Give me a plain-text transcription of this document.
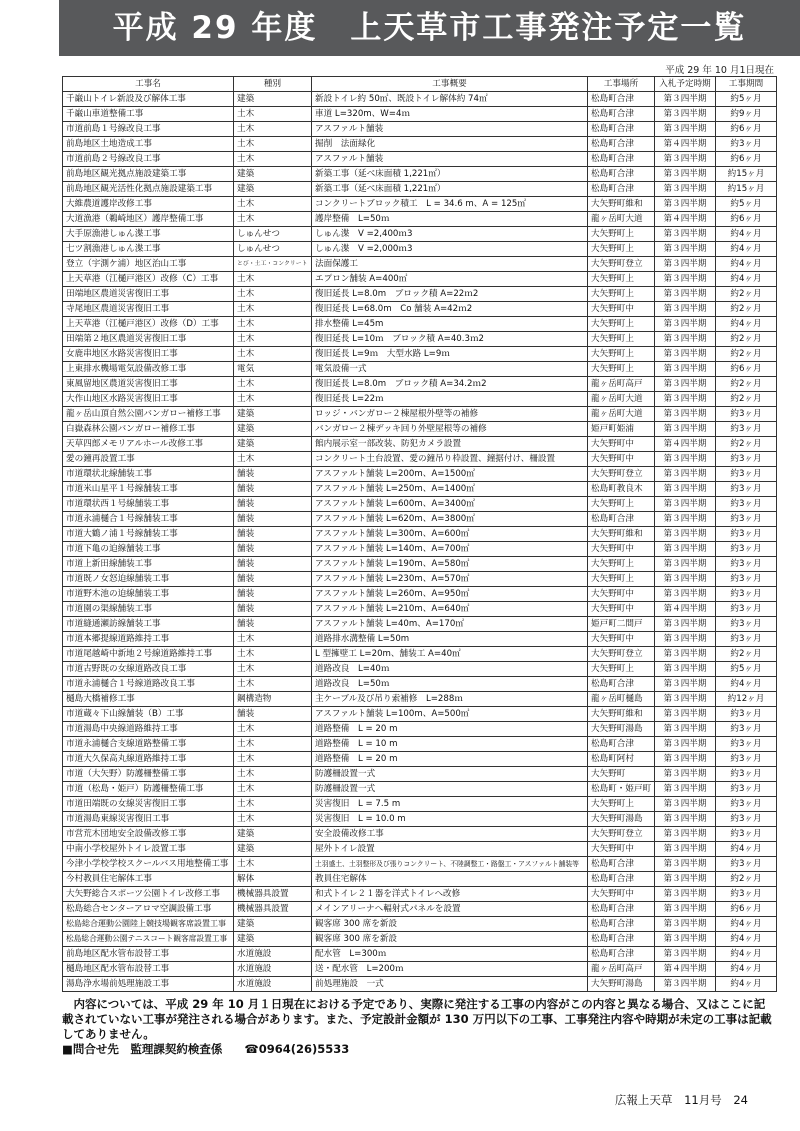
平成 29 年度　上天草市工事発注予定一覧
平成 29 年 10 月1日現在
工事名	種別	工事概要	工事場所	入札予定時期	工事期間
千巌山トイレ新設及び解体工事	建築	新設トイレ約 50㎡、既設トイレ解体約 74㎡	松島町合津	第３四半期	約5ヶ月
千巌山車道整備工事	土木	車道 L=320m、W=4ｍ	松島町合津	第３四半期	約9ヶ月
市道前島１号線改良工事	土木	アスファルト舗装	松島町合津	第３四半期	約6ヶ月
前島地区土地造成工事	土木	掘削　法面緑化	松島町合津	第４四半期	約3ヶ月
市道前島２号線改良工事	土木	アスファルト舗装	松島町合津	第３四半期	約6ヶ月
前島地区観光拠点施設建築工事	建築	新築工事（延べ床面積 1,221㎡）	松島町合津	第３四半期	約15ヶ月
前島地区観光活性化拠点施設建築工事	建築	新築工事（延べ床面積 1,221㎡）	松島町合津	第３四半期	約15ヶ月
大維農道護岸改修工事	土木	コンクリートブロック積工　L = 34.6 m、A = 125㎡	大矢野町維和	第３四半期	約5ヶ月
大道漁港（鵜崎地区）護岸整備工事	土木	護岸整備　L=50ｍ	龍ヶ岳町大道	第４四半期	約6ヶ月
大手原漁港しゅん渫工事	しゅんせつ	しゅん渫　V =2,400ｍ3	大矢野町上	第３四半期	約4ヶ月
七ツ割漁港しゅん渫工事	しゅんせつ	しゅん渫　V =2,000ｍ3	大矢野町上	第３四半期	約4ヶ月
登立（宇測ケ浦）地区治山工事	とび・土工・コンクリート	法面保護工	大矢野町登立	第３四半期	約4ヶ月
上天草港（江樋戸港区）改修（C）工事	土木	エプロン舗装 A=400㎡	大矢野町上	第３四半期	約4ヶ月
田端地区農道災害復旧工事	土木	復旧延長 L=8.0m　ブロック積 A=22ｍ2	大矢野町上	第３四半期	約2ヶ月
寺尾地区農道災害復旧工事	土木	復旧延長 L=68.0m　Co 舗装 A=42ｍ2	大矢野町中	第３四半期	約2ヶ月
上天草港（江樋戸港区）改修（D）工事	土木	排水整備 L=45m	大矢野町上	第３四半期	約4ヶ月
田端第２地区農道災害復旧工事	土木	復旧延長 L=10ｍ　ブロック積 A=40.3ｍ2	大矢野町上	第３四半期	約2ヶ月
女鹿串地区水路災害復旧工事	土木	復旧延長 L=9ｍ　大型水路 L=9ｍ	大矢野町上	第３四半期	約2ヶ月
上東排水機場電気設備改修工事	電気	電気設備一式	大矢野町上	第３四半期	約6ヶ月
東風留地区農道災害復旧工事	土木	復旧延長 L=8.0m　ブロック積 A=34.2ｍ2	龍ヶ岳町高戸	第３四半期	約2ヶ月
大作山地区水路災害復旧工事	土木	復旧延長 L=22ｍ	龍ヶ岳町大道	第３四半期	約2ヶ月
龍ヶ岳山頂自然公園バンガロー補修工事	建築	ロッジ・バンガロー２棟屋根外壁等の補修	龍ヶ岳町大道	第３四半期	約3ヶ月
白嶽森林公園バンガロー補修工事	建築	バンガロー２棟デッキ回り外壁屋根等の補修	姫戸町姫浦	第３四半期	約3ヶ月
天草四郎メモリアルホール改修工事	建築	館内展示室一部改装、防犯カメラ設置	大矢野町中	第４四半期	約2ヶ月
愛の鐘再設置工事	土木	コンクリート土台設置、愛の鐘吊り枠設置、鐘据付け、柵設置	大矢野町中	第３四半期	約3ヶ月
市道環状北線舗装工事	舗装	アスファルト舗装 L=200m、A=1500㎡	大矢野町登立	第３四半期	約3ヶ月
市道米山星平１号線舗装工事	舗装	アスファルト舗装 L=250m、A=1400㎡	松島町教良木	第３四半期	約3ヶ月
市道環状西１号線舗装工事	舗装	アスファルト舗装 L=600m、A=3400㎡	大矢野町上	第３四半期	約3ヶ月
市道永浦樋合１号線舗装工事	舗装	アスファルト舗装 L=620m、A=3800㎡	松島町合津	第３四半期	約3ヶ月
市道大鶴ノ浦１号線舗装工事	舗装	アスファルト舗装 L=300m、A=600㎡	大矢野町維和	第３四半期	約3ヶ月
市道下亀の迫線舗装工事	舗装	アスファルト舗装 L=140m、A=700㎡	大矢野町中	第３四半期	約3ヶ月
市道上新田線舗装工事	舗装	アスファルト舗装 L=190m、A=580㎡	大矢野町上	第３四半期	約3ヶ月
市道既ノ女怒迫線舗装工事	舗装	アスファルト舗装 L=230m、A=570㎡	大矢野町上	第３四半期	約3ヶ月
市道野木池の迫線舗装工事	舗装	アスファルト舗装 L=260m、A=950㎡	大矢野町中	第３四半期	約3ヶ月
市道園の渠線舗装工事	舗装	アスファルト舗装 L=210m、A=640㎡	大矢野町中	第４四半期	約3ヶ月
市道縫通瀬訪線舗装工事	舗装	アスファルト舗装 L=40m、A=170㎡	姫戸町二間戸	第３四半期	約3ヶ月
市道本郷提線道路維持工事	土木	道路排水溝整備 L=50m	大矢野町中	第３四半期	約3ヶ月
市道尾越崎中新地２号線道路維持工事	土木	L 型擁壁工 L=20m、舗装工 A=40㎡	大矢野町登立	第３四半期	約2ヶ月
市道古野既の女線道路改良工事	土木	道路改良　L=40ｍ	大矢野町上	第３四半期	約5ヶ月
市道永浦樋合１号線道路改良工事	土木	道路改良　L=50ｍ	松島町合津	第３四半期	約4ヶ月
樋島大橋補修工事	鋼構造物	主ケーブル及び吊り索補修　L=288ｍ	龍ヶ岳町樋島	第３四半期	約12ヶ月
市道蔵々下山線舗装（B）工事	舗装	アスファルト舗装 L=100m、A=500㎡	大矢野町維和	第３四半期	約3ヶ月
市道湯島中央線道路維持工事	土木	道路整備　L = 20 m	大矢野町湯島	第３四半期	約3ヶ月
市道永浦樋合支線道路整備工事	土木	道路整備　L = 10 m	松島町合津	第３四半期	約3ヶ月
市道大久保高丸線道路維持工事	土木	道路整備　L = 20 m	松島町阿村	第３四半期	約3ヶ月
市道（大矢野）防護柵整備工事	土木	防護柵設置一式	大矢野町	第３四半期	約3ヶ月
市道（松島・姫戸）防護柵整備工事	土木	防護柵設置一式	松島町・姫戸町	第３四半期	約3ヶ月
市道田端既の女線災害復旧工事	土木	災害復旧　L = 7.5 m	大矢野町上	第３四半期	約3ヶ月
市道湯島東線災害復旧工事	土木	災害復旧　L = 10.0 m	大矢野町湯島	第３四半期	約3ヶ月
市営荒木団地安全設備改修工事	建築	安全設備改修工事	大矢野町登立	第３四半期	約3ヶ月
中南小学校屋外トイレ設置工事	建築	屋外トイレ設置	大矢野町中	第３四半期	約4ヶ月
今津小学校学校スクールバス用地整備工事	土木	土羽盛土、土羽整形及び張りコンクリート、不陸調整工・路盤工・アスファルト舗装等	松島町合津	第３四半期	約3ヶ月
今村教員住宅解体工事	解体	教員住宅解体	松島町合津	第３四半期	約2ヶ月
大矢野総合スポーツ公園トイレ改修工事	機械器具設置	和式トイレ２１器を洋式トイレへ改修	大矢野町中	第３四半期	約3ヶ月
松島総合センターアロマ空調設備工事	機械器具設置	メインアリーナへ輻射式パネルを設置	松島町合津	第３四半期	約6ヶ月
松島総合運動公園陸上競技場観客席設置工事	建築	観客席 300 席を新設	松島町合津	第３四半期	約4ヶ月
松島総合運動公園テニスコート観客席設置工事	建築	観客席 300 席を新設	松島町合津	第３四半期	約4ヶ月
前島地区配水管布設替工事	水道施設	配水管　L=300ｍ	松島町合津	第３四半期	約4ヶ月
樋島地区配水管布設替工事	水道施設	送・配水管　L=200ｍ	龍ヶ岳町高戸	第４四半期	約4ヶ月
湯島浄水場前処理施設工事	水道施設	前処理施設　一式	大矢野町湯島	第３四半期	約4ヶ月
内容については、平成 29 年 10 月１日現在における予定であり、実際に発注する工事の内容がこの内容と異なる場合、又はここに記載されていない工事が発注される場合があります。また、予定設計金額が 130 万円以下の工事、工事発注内容や時期が未定の工事は記載してありません。
■問合せ先　監理課契約検査係 ☎0964(26)5533
広報上天草 11月号 24
